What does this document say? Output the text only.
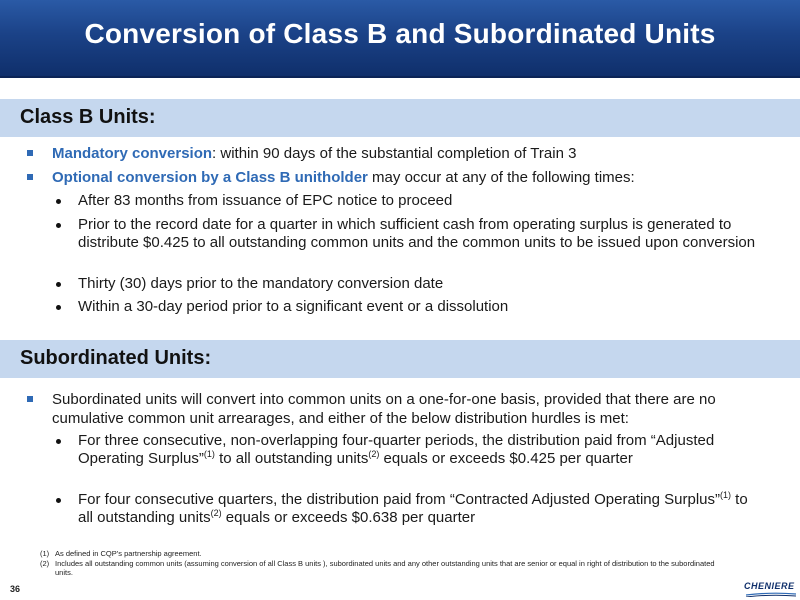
Conversion of Class B and Subordinated Units
Class B Units:
Mandatory conversion: within 90 days of the substantial completion of Train 3
Optional conversion by a Class B unitholder may occur at any of the following times:
After 83 months from issuance of EPC notice to proceed
Prior to the record date for a quarter in which sufficient cash from operating surplus is generated to distribute $0.425 to all outstanding common units and the common units to be issued upon conversion
Thirty (30) days prior to the mandatory conversion date
Within a 30-day period prior to a significant event or a dissolution
Subordinated Units:
Subordinated units will convert into common units on a one-for-one basis, provided that there are no cumulative common unit arrearages, and either of the below distribution hurdles is met:
For three consecutive, non-overlapping four-quarter periods, the distribution paid from “Adjusted Operating Surplus”$^{(1)}$ to all outstanding units$^{(2)}$ equals or exceeds $0.425 per quarter
For four consecutive quarters, the distribution paid from “Contracted Adjusted Operating Surplus”$^{(1)}$ to all outstanding units$^{(2)}$ equals or exceeds $0.638 per quarter
(1) As defined in CQP’s partnership agreement.
(2) Includes all outstanding common units (assuming conversion of all Class B units ), subordinated units and any other outstanding units that are senior or equal in right of distribution to the subordinated units.
36	CHENIERE
